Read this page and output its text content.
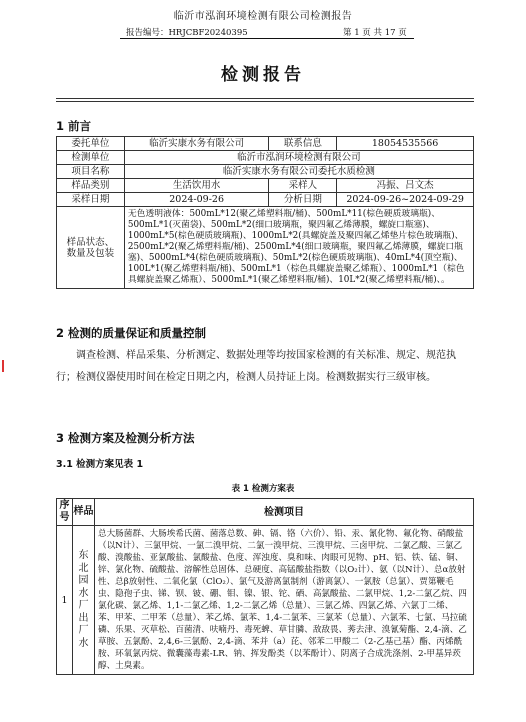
临沂市泓润环境检测有限公司检测报告
报告编号：HRJCBF20240395	第 1 页 共 17 页
检测报告
1 前言
委托单位	临沂实康水务有限公司	联系信息	18054535566
检测单位	临沂市泓润环境检测有限公司		
项目名称	临沂实康水务有限公司委托水质检测		
样品类别	生活饮用水	采样人	冯振、吕文杰
采样日期	2024-09-26	分析日期	2024-09-26~2024-09-29
样品状态、数量及包装	无色透明液体：500mL*12(聚乙烯塑料瓶/桶)、500mL*11(棕色硬质玻璃瓶)、500mL*1(灭菌袋)、500mL*2(细口玻璃瓶，聚四氟乙烯薄膜，螺旋口瓶塞)、1000mL*5(棕色硬质玻璃瓶)、1000mL*2(具螺旋盖及聚四氟乙烯垫片棕色玻璃瓶)、2500mL*2(聚乙烯塑料瓶/桶)、2500mL*4(细口玻璃瓶，聚四氟乙烯薄膜，螺旋口瓶塞)、5000mL*4(棕色硬质玻璃瓶)、50mL*2(棕色硬质玻璃瓶)、40mL*4(顶空瓶)、100L*1(聚乙烯塑料瓶/桶)、500mL*1（棕色具螺旋盖聚乙烯瓶）、1000mL*1（棕色具螺旋盖聚乙烯瓶）、5000mL*1(聚乙烯塑料瓶/桶)、10L*2(聚乙烯塑料瓶/桶)、。		
2 检测的质量保证和质量控制

调查检测、样品采集、分析测定、数据处理等均按国家检测的有关标准、规定、规范执行；检测仪器使用时间在检定日期之内，检测人员持证上岗。检测数据实行三级审核。

3 检测方案及检测分析方法
3.1 检测方案见表 1
表 1 检测方案表
序号	样品	检测项目
1	东北园水厂出厂水	总大肠菌群、大肠埃希氏菌、菌落总数、砷、镉、铬（六价）、铅、汞、氰化物、氟化物、硝酸盐（以N计）、三氯甲烷、一氯二溴甲烷、二氯一溴甲烷、三溴甲烷、三卤甲烷、二氯乙酸、三氯乙酸、溴酸盐、亚氯酸盐、氯酸盐、色度、浑浊度、臭和味、肉眼可见物、pH、铝、铁、锰、铜、锌、氯化物、硫酸盐、溶解性总固体、总硬度、高锰酸盐指数（以O₂计）、氨（以N计）、总α放射性、总β放射性、二氧化氯（ClO₂）、氯气及游离氯制剂（游离氯）、一氯胺（总氯）、贾第鞭毛虫、隐孢子虫、锑、钡、铍、硼、钼、镍、银、铊、硒、高氯酸盐、二氯甲烷、1,2-二氯乙烷、四氯化碳、氯乙烯、1,1-二氯乙烯、1,2-二氯乙烯（总量）、三氯乙烯、四氯乙烯、六氯丁二烯、苯、甲苯、二甲苯（总量）、苯乙烯、氯苯、1,4-二氯苯、三氯苯（总量）、六氯苯、七氯、马拉硫磷、乐果、灭草松、百菌清、呋喃丹、毒死蜱、草甘膦、敌敌畏、莠去津、溴氰菊酯、2,4-滴、乙草胺、五氯酚、2,4,6-三氯酚、2,4-滴、苯并（a）芘、邻苯二甲酸二（2-乙基己基）酯、丙烯酰胺、环氧氯丙烷、微囊藻毒素-LR、钠、挥发酚类（以苯酚计）、阴离子合成洗涤剂、2-甲基异莰醇、土臭素。
